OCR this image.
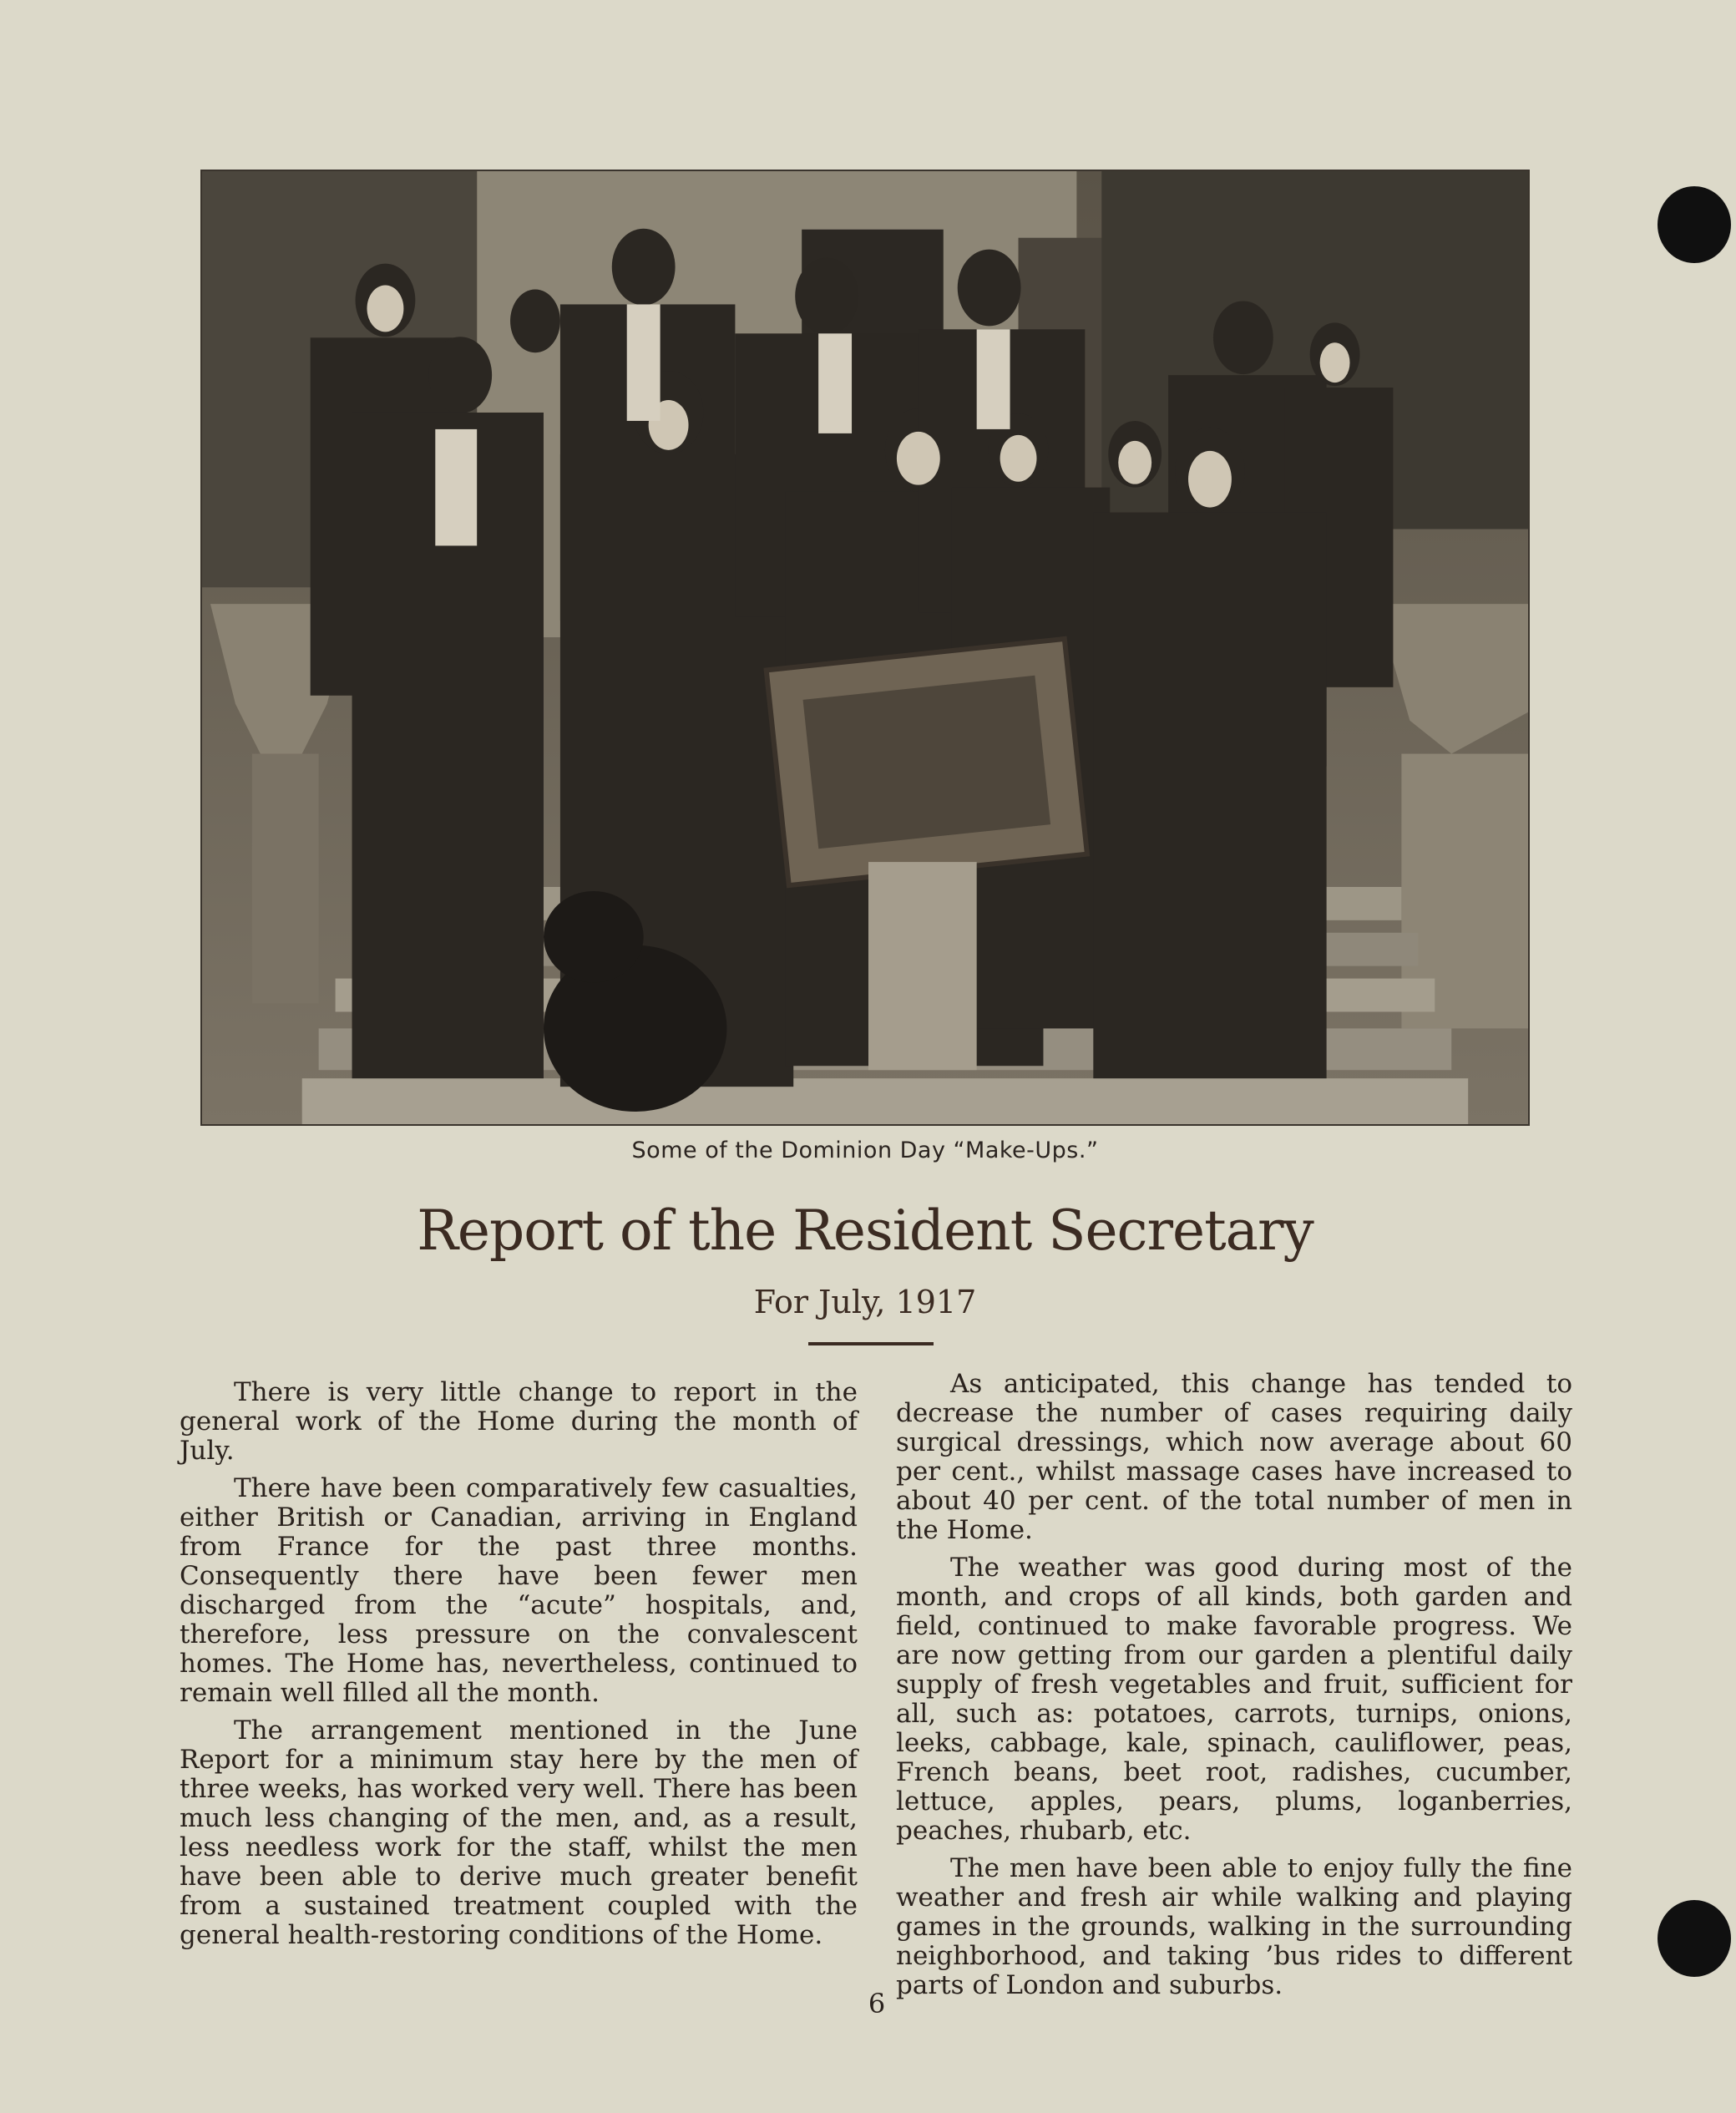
Some of the Dominion Day “Make-Ups.”
Report of the Resident Secretary
For July, 1917

There is very little change to report in the general work of the Home during the month of July.

There have been comparatively few casualties, either British or Canadian, arriving in England from France for the past three months. Consequently there have been fewer men discharged from the “acute” hospitals, and, therefore, less pressure on the convalescent homes. The Home has, nevertheless, continued to remain well filled all the month.

The arrangement mentioned in the June Report for a minimum stay here by the men of three weeks, has worked very well. There has been much less changing of the men, and, as a result, less needless work for the staff, whilst the men have been able to derive much greater benefit from a sustained treatment coupled with the general health-restoring conditions of the Home.

As anticipated, this change has tended to decrease the number of cases requiring daily surgical dressings, which now average about 60 per cent., whilst massage cases have increased to about 40 per cent. of the total number of men in the Home.

The weather was good during most of the month, and crops of all kinds, both garden and field, continued to make favorable progress. We are now getting from our garden a plentiful daily supply of fresh vegetables and fruit, sufficient for all, such as: potatoes, carrots, turnips, onions, leeks, cabbage, kale, spinach, cauliflower, peas, French beans, beet root, radishes, cucumber, lettuce, apples, pears, plums, loganberries, peaches, rhubarb, etc.

The men have been able to enjoy fully the fine weather and fresh air while walking and playing games in the grounds, walking in the surrounding neighborhood, and taking ’bus rides to different parts of London and suburbs.

6
